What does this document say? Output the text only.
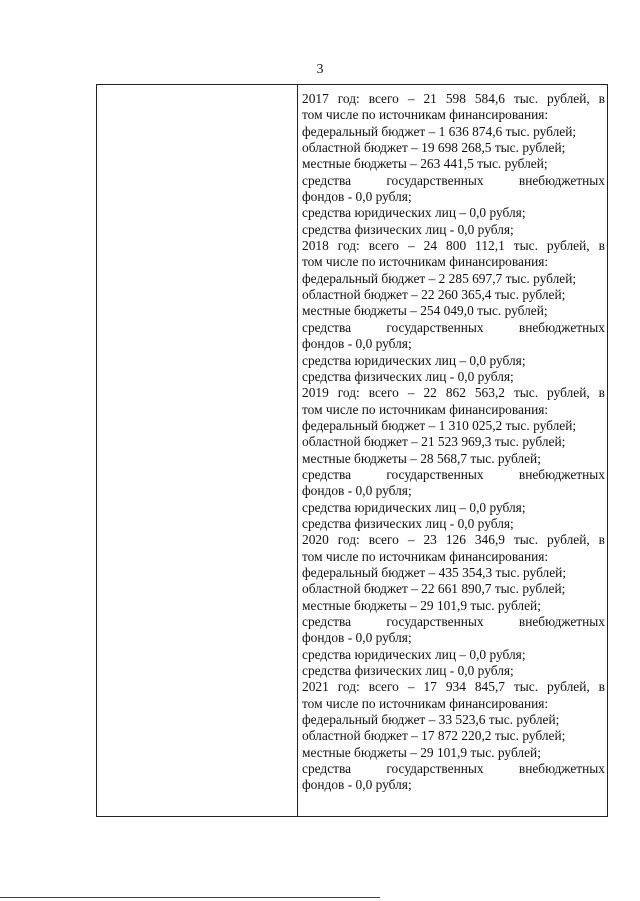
3
2017 год: всего – 21 598 584,6 тыс. рублей, в
том числе по источникам финансирования:
федеральный бюджет – 1 636 874,6 тыс. рублей;
областной бюджет – 19 698 268,5 тыс. рублей;
местные бюджеты – 263 441,5 тыс. рублей;
средства	государственных	внебюджетных
фондов - 0,0 рубля;
средства юридических лиц – 0,0 рубля;
средства физических лиц - 0,0 рубля;
2018 год: всего – 24 800 112,1 тыс. рублей, в
том числе по источникам финансирования:
федеральный бюджет – 2 285 697,7 тыс. рублей;
областной бюджет – 22 260 365,4 тыс. рублей;
местные бюджеты – 254 049,0 тыс. рублей;
средства	государственных	внебюджетных
фондов - 0,0 рубля;
средства юридических лиц – 0,0 рубля;
средства физических лиц - 0,0 рубля;
2019 год: всего – 22 862 563,2 тыс. рублей, в
том числе по источникам финансирования:
федеральный бюджет – 1 310 025,2 тыс. рублей;
областной бюджет – 21 523 969,3 тыс. рублей;
местные бюджеты – 28 568,7 тыс. рублей;
средства	государственных	внебюджетных
фондов - 0,0 рубля;
средства юридических лиц – 0,0 рубля;
средства физических лиц - 0,0 рубля;
2020 год: всего – 23 126 346,9 тыс. рублей, в
том числе по источникам финансирования:
федеральный бюджет – 435 354,3 тыс. рублей;
областной бюджет – 22 661 890,7 тыс. рублей;
местные бюджеты – 29 101,9 тыс. рублей;
средства	государственных	внебюджетных
фондов - 0,0 рубля;
средства юридических лиц – 0,0 рубля;
средства физических лиц - 0,0 рубля;
2021 год: всего – 17 934 845,7 тыс. рублей, в
том числе по источникам финансирования:
федеральный бюджет – 33 523,6 тыс. рублей;
областной бюджет – 17 872 220,2 тыс. рублей;
местные бюджеты – 29 101,9 тыс. рублей;
средства	государственных	внебюджетных
фондов - 0,0 рубля;
